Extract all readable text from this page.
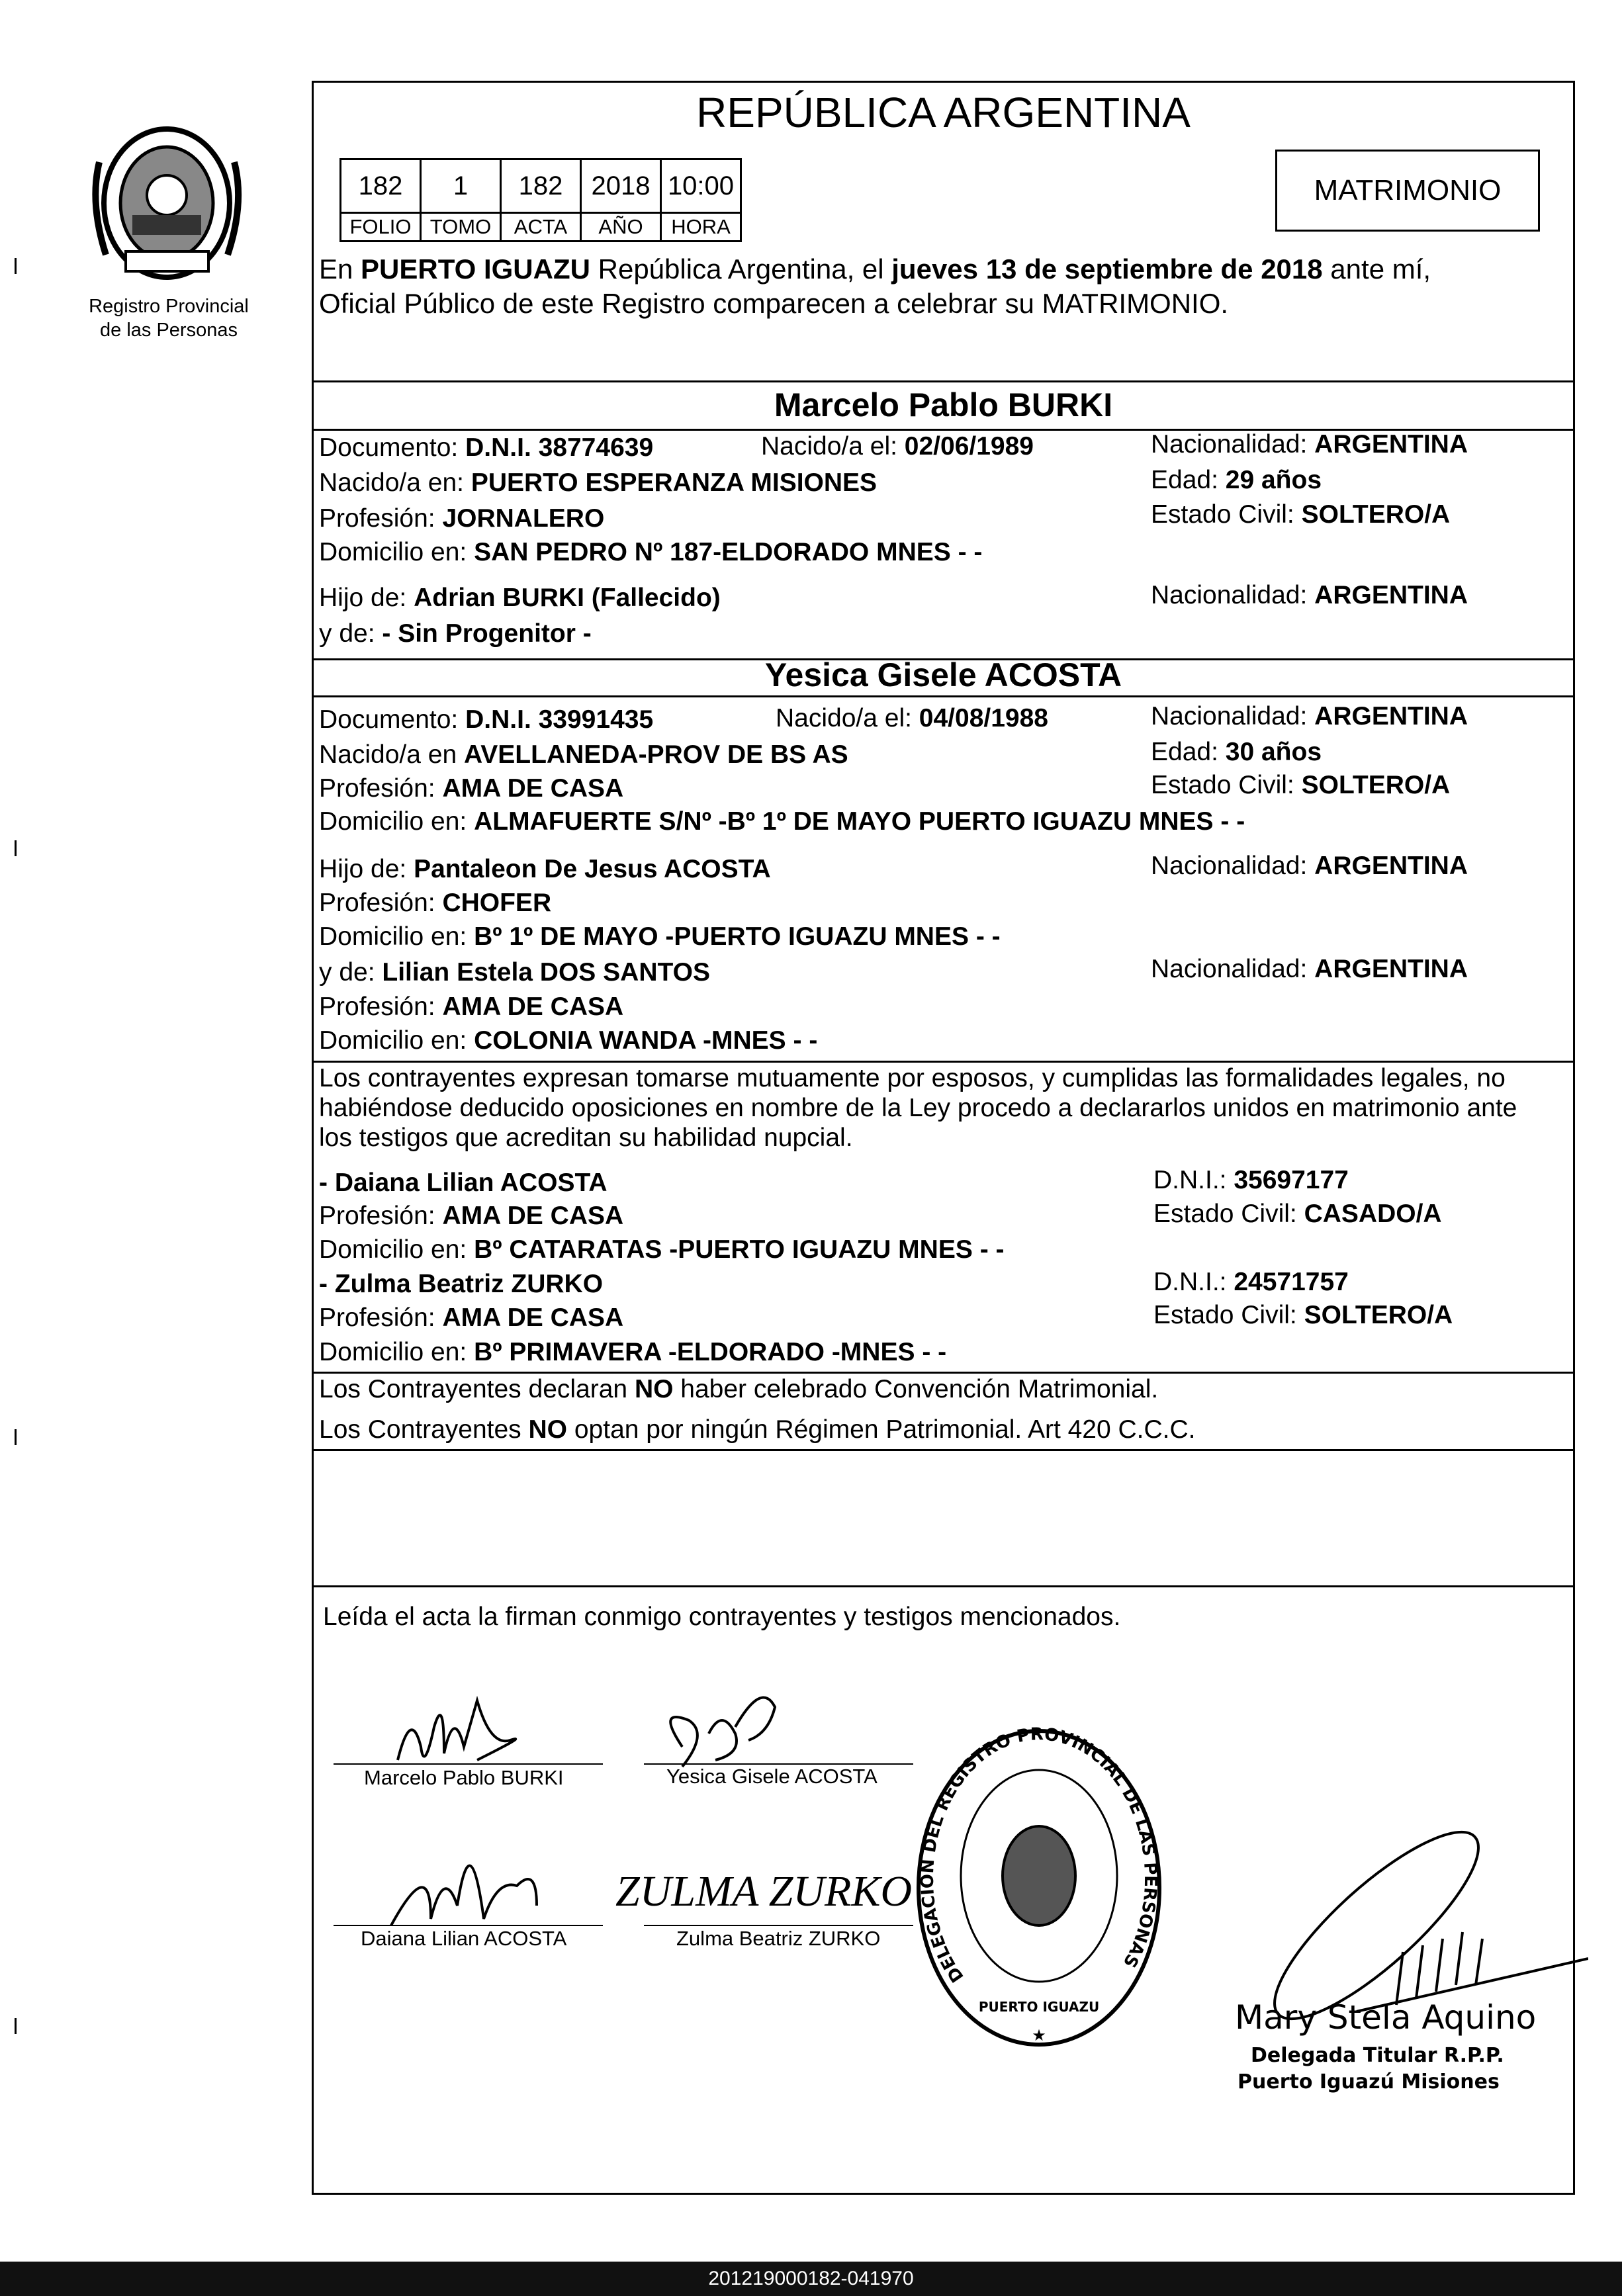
Registro Provincial
de las Personas
REPÚBLICA ARGENTINA
182	1	182	2018	10:00
FOLIO	TOMO	ACTA	AÑO	HORA
MATRIMONIO
En PUERTO IGUAZU República Argentina, el jueves 13 de septiembre de 2018 ante mí,
Oficial Público de este Registro comparecen a celebrar su MATRIMONIO.
Marcelo Pablo BURKI
Documento: D.N.I. 38774639	Nacido/a el: 02/06/1989	Nacionalidad: ARGENTINA
Nacido/a en: PUERTO ESPERANZA MISIONES	Edad: 29 años
Profesión: JORNALERO	Estado Civil: SOLTERO/A
Domicilio en: SAN PEDRO Nº 187-ELDORADO MNES - -
Hijo de: Adrian BURKI (Fallecido)	Nacionalidad: ARGENTINA
y de: - Sin Progenitor -
Yesica Gisele ACOSTA
Documento: D.N.I. 33991435	Nacido/a el: 04/08/1988	Nacionalidad: ARGENTINA
Nacido/a en AVELLANEDA-PROV DE BS AS	Edad: 30 años
Profesión: AMA DE CASA	Estado Civil: SOLTERO/A
Domicilio en: ALMAFUERTE S/Nº -Bº 1º DE MAYO PUERTO IGUAZU MNES - -
Hijo de: Pantaleon De Jesus ACOSTA	Nacionalidad: ARGENTINA
Profesión: CHOFER
Domicilio en: Bº 1º DE MAYO -PUERTO IGUAZU MNES - -
y de: Lilian Estela DOS SANTOS	Nacionalidad: ARGENTINA
Profesión: AMA DE CASA
Domicilio en: COLONIA WANDA -MNES - -
Los contrayentes expresan tomarse mutuamente por esposos, y cumplidas las formalidades legales, no
habiéndose deducido oposiciones en nombre de la Ley procedo a declararlos unidos en matrimonio ante
los testigos que acreditan su habilidad nupcial.
- Daiana Lilian ACOSTA	D.N.I.: 35697177
Profesión: AMA DE CASA	Estado Civil: CASADO/A
Domicilio en: Bº CATARATAS -PUERTO IGUAZU MNES - -
- Zulma Beatriz ZURKO	D.N.I.: 24571757
Profesión: AMA DE CASA	Estado Civil: SOLTERO/A
Domicilio en: Bº PRIMAVERA -ELDORADO -MNES - -
Los Contrayentes declaran NO haber celebrado Convención Matrimonial.
Los Contrayentes NO optan por ningún Régimen Patrimonial. Art 420 C.C.C.
Leída el acta la firman conmigo contrayentes y testigos mencionados.
Marcelo Pablo BURKI	Yesica Gisele ACOSTA
Daiana Lilian ACOSTA	Zulma Beatriz ZURKO
ZULMA ZURKO
DELEGACION DEL REGISTRO PROVINCIAL DE LAS PERSONAS
PUERTO IGUAZU
★	Mary Stela Aquino
Delegada Titular R.P.P.
Puerto Iguazú Misiones
201219000182-041970
